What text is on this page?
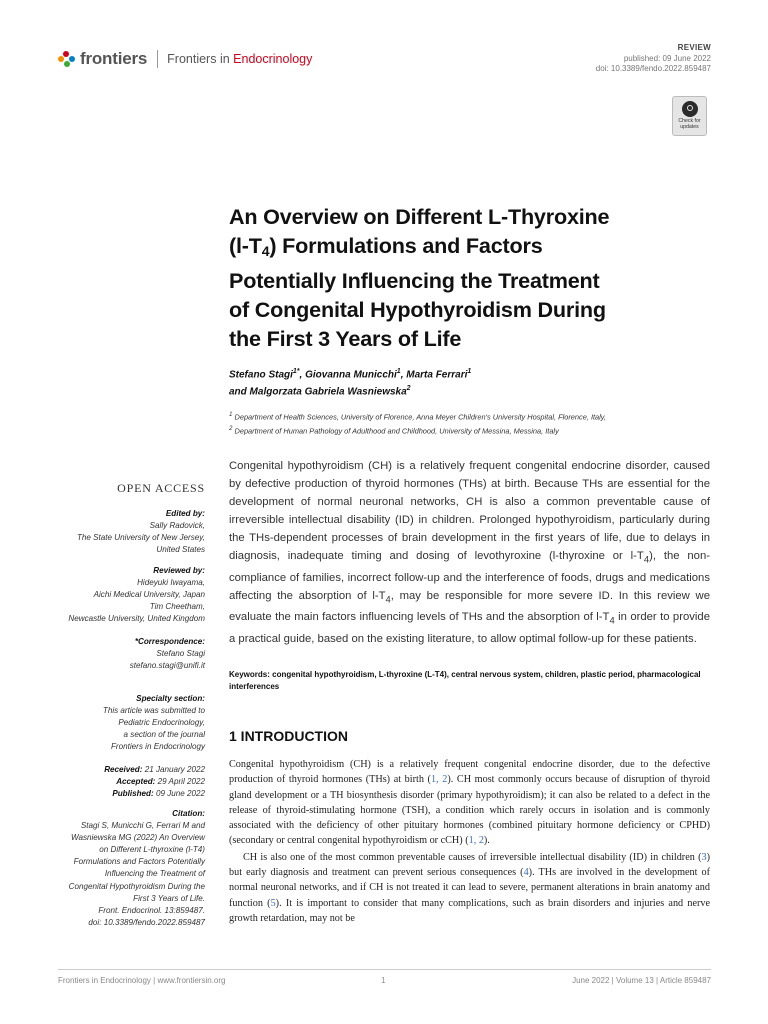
frontiers Frontiers in Endocrinology
REVIEW
published: 09 June 2022
doi: 10.3389/fendo.2022.859487
Check for
updates
An Overview on Different L-Thyroxine
$(l-T_4)$ Formulations and Factors
Potentially Influencing the Treatment
of Congenital Hypothyroidism During
the First 3 Years of Life
Stefano Stagi$^{1*}$, Giovanna Municchi$^1$, Marta Ferrari$^1$
and Malgorzata Gabriela Wasniewska$^2$
$^1$ Department of Health Sciences, University of Florence, Anna Meyer Children's University Hospital, Florence, Italy,
$^2$ Department of Human Pathology of Adulthood and Childhood, University of Messina, Messina, Italy
OPEN ACCESS
Edited by:
Sally Radovick,
The State University of New Jersey,
United States
Reviewed by:
Hideyuki Iwayama,
Aichi Medical University, Japan
Tim Cheetham,
Newcastle University, United Kingdom
*Correspondence:
Stefano Stagi
stefano.stagi@unifi.it
Specialty section:
This article was submitted to
Pediatric Endocrinology,
a section of the journal
Frontiers in Endocrinology
Received: 21 January 2022
Accepted: 29 April 2022
Published: 09 June 2022
Citation:
Stagi S, Municchi G, Ferrari M and
Wasniewska MG (2022) An Overview
on Different L-thyroxine (l-T4)
Formulations and Factors Potentially
Influencing the Treatment of
Congenital Hypothyroidism During the
First 3 Years of Life.
Front. Endocrinol. 13:859487.
doi: 10.3389/fendo.2022.859487
Congenital hypothyroidism (CH) is a relatively frequent congenital endocrine disorder, caused by defective production of thyroid hormones (THs) at birth. Because THs are essential for the development of normal neuronal networks, CH is also a common preventable cause of irreversible intellectual disability (ID) in children. Prolonged hypothyroidism, particularly during the THs-dependent processes of brain development in the first years of life, due to delays in diagnosis, inadequate timing and dosing of levothyroxine (l-thyroxine or $l-T_4$), the non-compliance of families, incorrect follow-up and the interference of foods, drugs and medications affecting the absorption of $l-T_4$, may be responsible for more severe ID. In this review we evaluate the main factors influencing levels of THs and the absorption of $l-T_4$ in order to provide a practical guide, based on the existing literature, to allow optimal follow-up for these patients.
Keywords: congenital hypothyroidism, L-thyroxine (L-T4), central nervous system, children, plastic period, pharmacological interferences
1 INTRODUCTION

Congenital hypothyroidism (CH) is a relatively frequent congenital endocrine disorder, due to the defective production of thyroid hormones (THs) at birth (1, 2). CH most commonly occurs because of disruption of thyroid gland development or a TH biosynthesis disorder (primary hypothyroidism); it can also be related to a defect in the release of thyroid-stimulating hormone (TSH), a condition which rarely occurs in isolation and is commonly associated with the deficiency of other pituitary hormones (combined pituitary hormone deficiency or CPHD) (secondary or central congenital hypothyroidism or cCH) (1, 2).

CH is also one of the most common preventable causes of irreversible intellectual disability (ID) in children (3) but early diagnosis and treatment can prevent serious consequences (4). THs are involved in the development of normal neuronal networks, and if CH is not treated it can lead to severe, permanent alterations in brain anatomy and function (5). It is important to consider that many complications, such as brain disorders and injuries and nerve growth retardation, may not be

Frontiers in Endocrinology | www.frontiersin.org	1	June 2022 | Volume 13 | Article 859487
